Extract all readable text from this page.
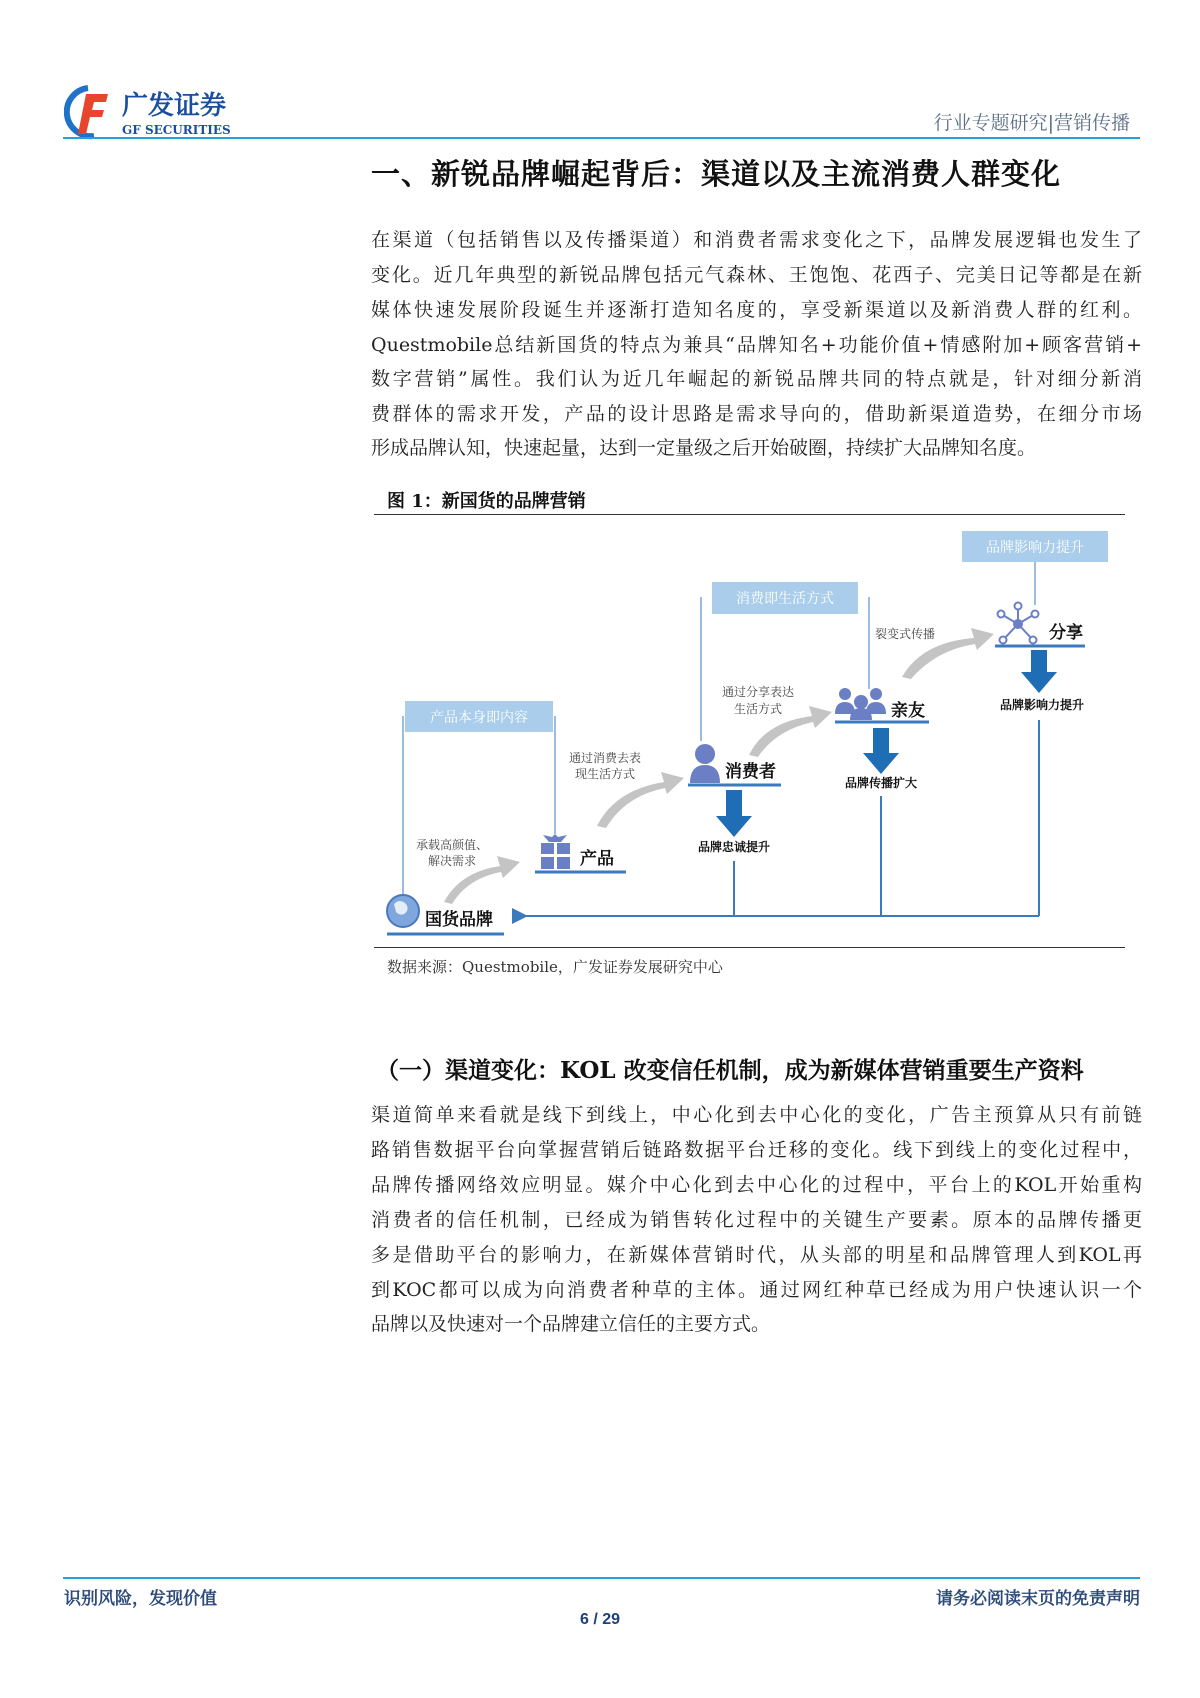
广发证券
GF SECURITIES	行业专题研究|营销传播
一、新锐品牌崛起背后：渠道以及主流消费人群变化
在渠道（包括销售以及传播渠道）和消费者需求变化之下，品牌发展逻辑也发生了
变化。近几年典型的新锐品牌包括元气森林、王饱饱、花西子、完美日记等都是在新
媒体快速发展阶段诞生并逐渐打造知名度的，享受新渠道以及新消费人群的红利。
Questmobile总结新国货的特点为兼具“品牌知名+功能价值+情感附加+顾客营销+
数字营销”属性。我们认为近几年崛起的新锐品牌共同的特点就是，针对细分新消
费群体的需求开发，产品的设计思路是需求导向的，借助新渠道造势，在细分市场
形成品牌认知，快速起量，达到一定量级之后开始破圈，持续扩大品牌知名度。
图 1：新国货的品牌营销
品牌影响力提升
消费即生活方式
产品本身即内容
承载高颜值、
解决需求
通过消费去表
现生活方式
通过分享表达
生活方式
裂变式传播
国货品牌
产品
消费者
品牌忠诚提升
亲友
品牌传播扩大
分享
品牌影响力提升
数据来源：Questmobile，广发证券发展研究中心
（一）渠道变化：KOL 改变信任机制，成为新媒体营销重要生产资料
渠道简单来看就是线下到线上，中心化到去中心化的变化，广告主预算从只有前链
路销售数据平台向掌握营销后链路数据平台迁移的变化。线下到线上的变化过程中，
品牌传播网络效应明显。媒介中心化到去中心化的过程中，平台上的KOL开始重构
消费者的信任机制，已经成为销售转化过程中的关键生产要素。原本的品牌传播更
多是借助平台的影响力，在新媒体营销时代，从头部的明星和品牌管理人到KOL再
到KOC都可以成为向消费者种草的主体。通过网红种草已经成为用户快速认识一个
品牌以及快速对一个品牌建立信任的主要方式。
识别风险，发现价值	请务必阅读末页的免责声明
6 / 29
